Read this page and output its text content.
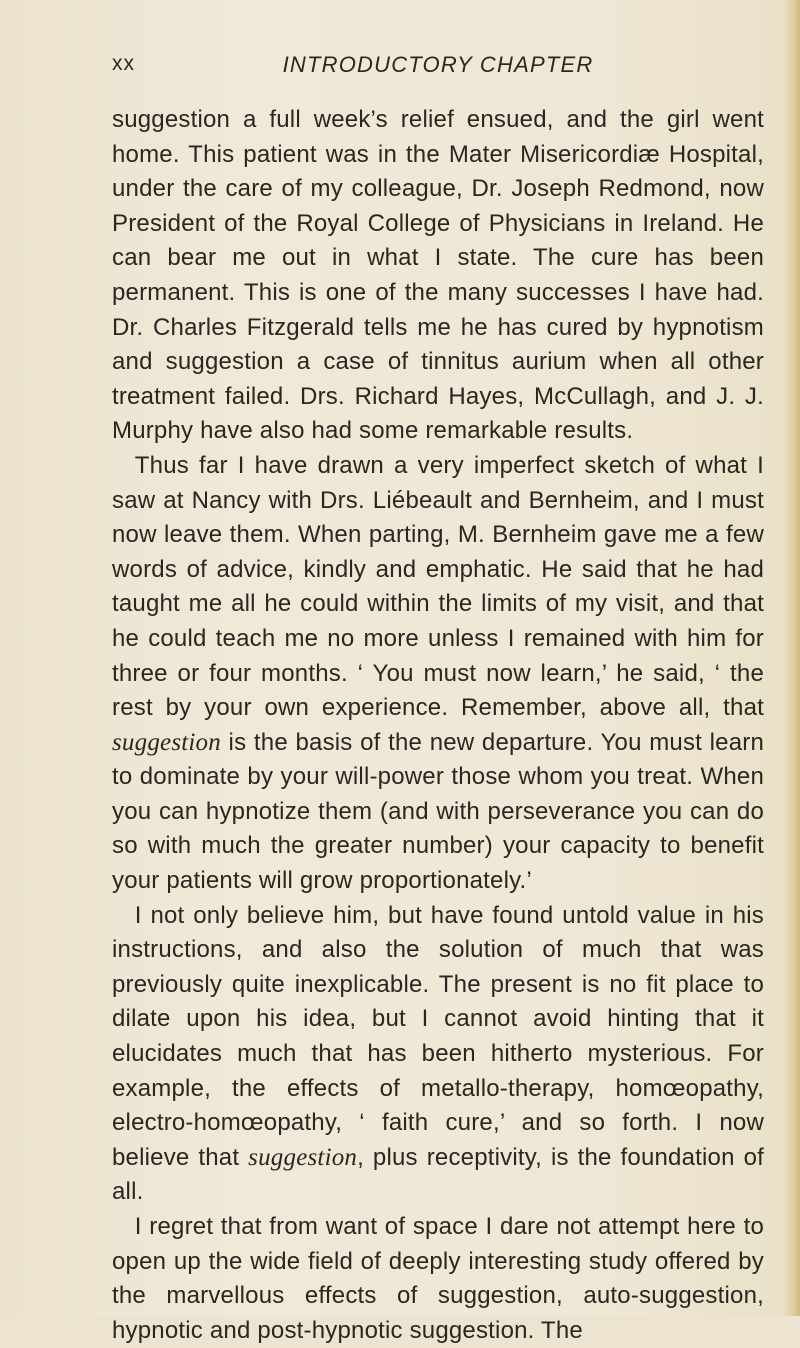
xx	INTRODUCTORY CHAPTER

suggestion a full week’s relief ensued, and the girl went home. This patient was in the Mater Misericordiæ Hospital, under the care of my colleague, Dr. Joseph Redmond, now President of the Royal College of Physicians in Ireland. He can bear me out in what I state. The cure has been permanent. This is one of the many successes I have had. Dr. Charles Fitzgerald tells me he has cured by hypnotism and suggestion a case of tinnitus aurium when all other treatment failed. Drs. Richard Hayes, McCullagh, and J. J. Murphy have also had some remarkable results.

Thus far I have drawn a very imperfect sketch of what I saw at Nancy with Drs. Liébeault and Bernheim, and I must now leave them. When parting, M. Bernheim gave me a few words of advice, kindly and emphatic. He said that he had taught me all he could within the limits of my visit, and that he could teach me no more unless I remained with him for three or four months. ‘ You must now learn,’ he said, ‘ the rest by your own experience. Remember, above all, that suggestion is the basis of the new departure. You must learn to dominate by your will-power those whom you treat. When you can hypnotize them (and with perseverance you can do so with much the greater number) your capacity to benefit your patients will grow proportionately.’

I not only believe him, but have found untold value in his instructions, and also the solution of much that was previously quite inexplicable. The present is no fit place to dilate upon his idea, but I cannot avoid hinting that it elucidates much that has been hitherto mysterious. For example, the effects of metallo-therapy, homœopathy, electro-homœopathy, ‘ faith cure,’ and so forth. I now believe that suggestion, plus receptivity, is the foundation of all.

I regret that from want of space I dare not attempt here to open up the wide field of deeply interesting study offered by the marvellous effects of suggestion, auto-suggestion, hypnotic and post-hypnotic suggestion. The
